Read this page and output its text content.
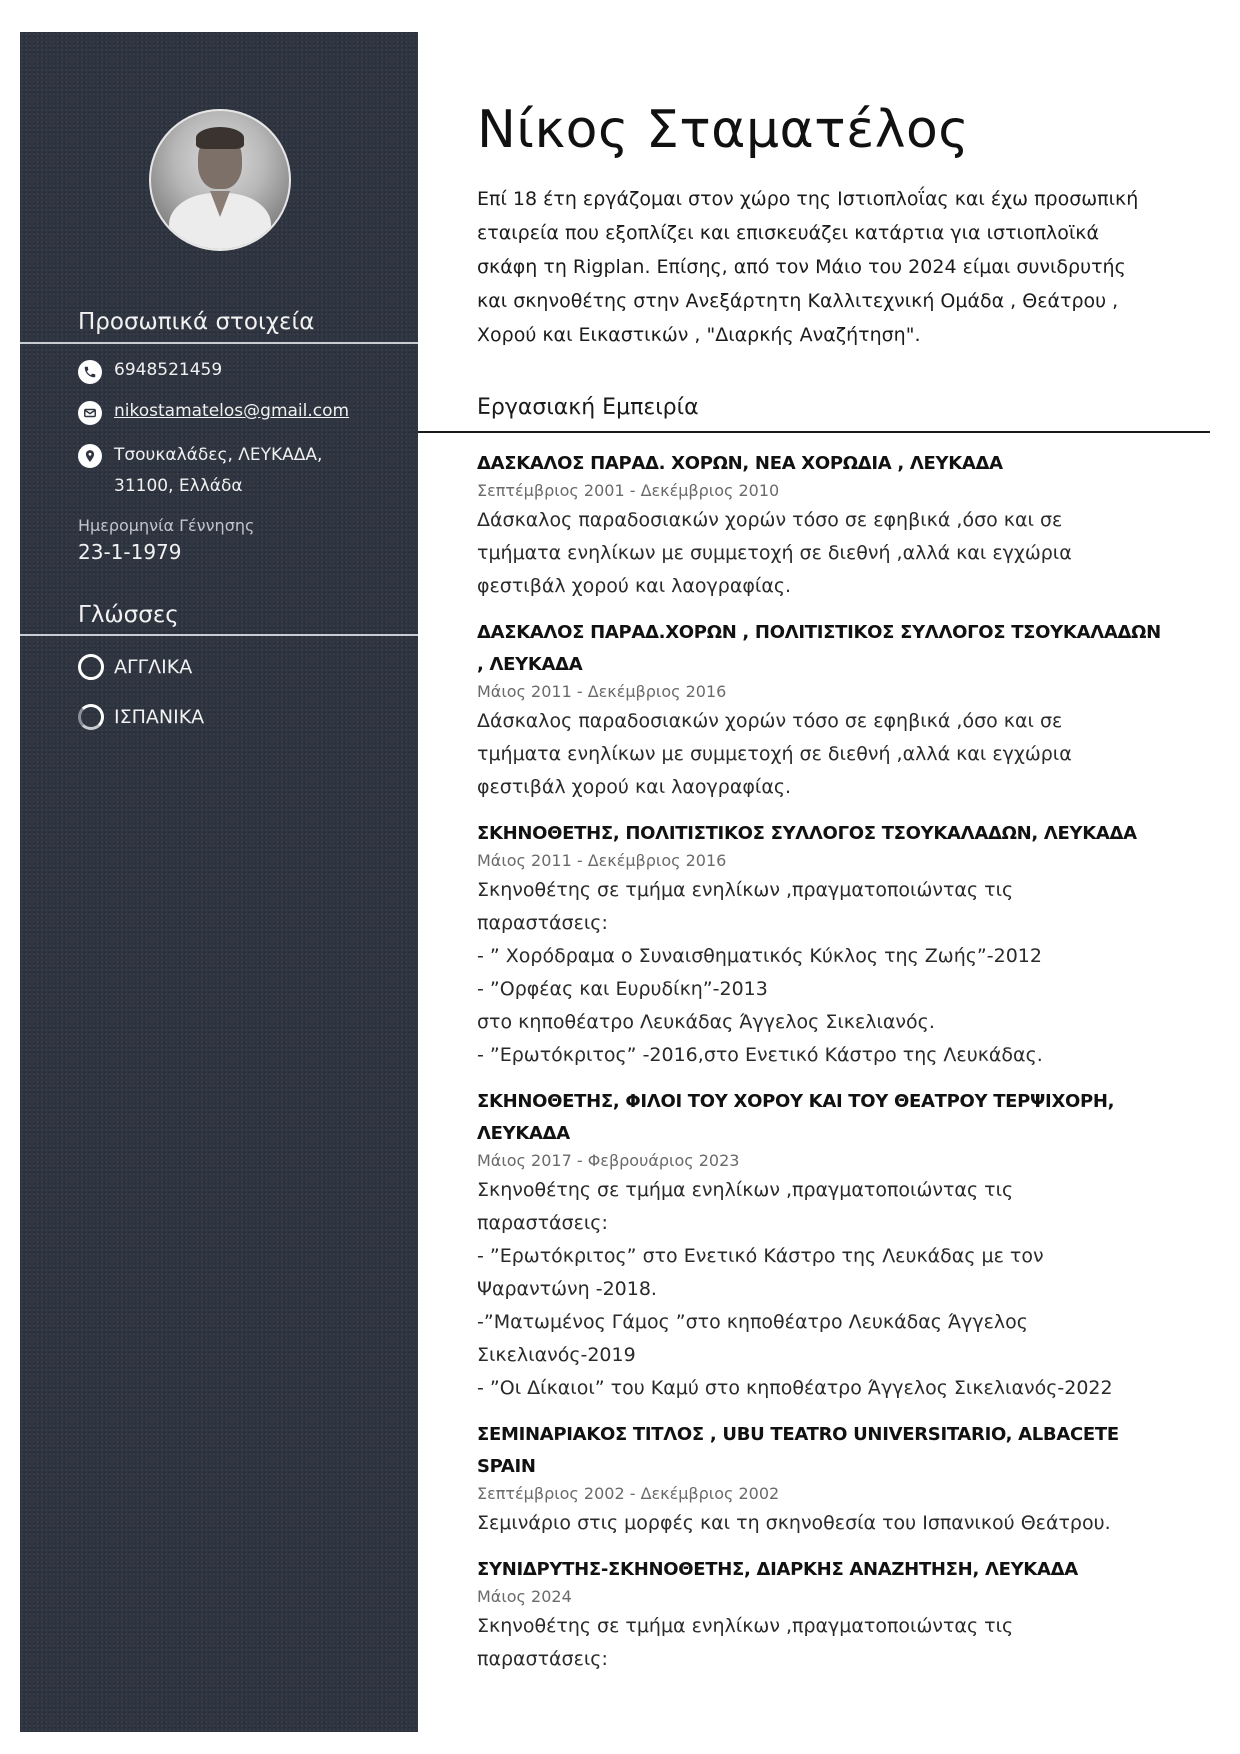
Προσωπικά στοιχεία
6948521459
nikostamatelos@gmail.com
Τσουκαλάδες, ΛΕΥΚΑΔΑ,
31100, Ελλάδα
Ημερομηνία Γέννησης
23-1-1979
Γλώσσες
ΑΓΓΛΙΚΑ
ΙΣΠΑΝΙΚΑ
Νίκος Σταματέλος

Επί 18 έτη εργάζομαι στον χώρο της Ιστιοπλοΐας και έχω προσωπική εταιρεία που εξοπλίζει και επισκευάζει κατάρτια για ιστιοπλοϊκά σκάφη τη Rigplan. Επίσης, από τον Μάιο του 2024 είμαι συνιδρυτής και σκηνοθέτης στην Ανεξάρτητη Καλλιτεχνική Ομάδα , Θεάτρου , Χορού και Εικαστικών , "Διαρκής Αναζήτηση".

Εργασιακή Εμπειρία
ΔΑΣΚΑΛΟΣ ΠΑΡΑΔ. ΧΟΡΩΝ, ΝΕΑ ΧΟΡΩΔΙΑ , ΛΕΥΚΑΔΑ
Σεπτέμβριος 2001 - Δεκέμβριος 2010
Δάσκαλος παραδοσιακών χορών τόσο σε εφηβικά ,όσο και σε
τμήματα ενηλίκων με συμμετοχή σε διεθνή ,αλλά και εγχώρια
φεστιβάλ χορού και λαογραφίας.
ΔΑΣΚΑΛΟΣ ΠΑΡΑΔ.ΧΟΡΩΝ , ΠΟΛΙΤΙΣΤΙΚΟΣ ΣΥΛΛΟΓΟΣ ΤΣΟΥΚΑΛΑΔΩΝ , ΛΕΥΚΑΔΑ
Μάιος 2011 - Δεκέμβριος 2016
Δάσκαλος παραδοσιακών χορών τόσο σε εφηβικά ,όσο και σε
τμήματα ενηλίκων με συμμετοχή σε διεθνή ,αλλά και εγχώρια
φεστιβάλ χορού και λαογραφίας.
ΣΚΗΝΟΘΕΤΗΣ, ΠΟΛΙΤΙΣΤΙΚΟΣ ΣΥΛΛΟΓΟΣ ΤΣΟΥΚΑΛΑΔΩΝ, ΛΕΥΚΑΔΑ
Μάιος 2011 - Δεκέμβριος 2016
Σκηνοθέτης σε τμήμα ενηλίκων ,πραγματοποιώντας τις
παραστάσεις:
- ” Χορόδραμα ο Συναισθηματικός Κύκλος της Ζωής”-2012
- ”Ορφέας και Ευρυδίκη”-2013
στο κηποθέατρο Λευκάδας Άγγελος Σικελιανός.
- ”Ερωτόκριτος” -2016,στο Ενετικό Κάστρο της Λευκάδας.
ΣΚΗΝΟΘΕΤΗΣ, ΦΙΛΟΙ ΤΟΥ ΧΟΡΟΥ ΚΑΙ ΤΟΥ ΘΕΑΤΡΟΥ ΤΕΡΨΙΧΟΡΗ, ΛΕΥΚΑΔΑ
Μάιος 2017 - Φεβρουάριος 2023
Σκηνοθέτης σε τμήμα ενηλίκων ,πραγματοποιώντας τις
παραστάσεις:
- ”Ερωτόκριτος” στο Ενετικό Κάστρο της Λευκάδας με τον
Ψαραντώνη -2018.
-”Ματωμένος Γάμος ”στο κηποθέατρο Λευκάδας Άγγελος
Σικελιανός-2019
- ”Οι Δίκαιοι” του Καμύ στο κηποθέατρο Άγγελος Σικελιανός-2022
ΣΕΜΙΝΑΡΙΑΚΟΣ ΤΙΤΛΟΣ , UBU TEATRO UNIVERSITARIO, ALBACETE SPAIN
Σεπτέμβριος 2002 - Δεκέμβριος 2002
Σεμινάριο στις μορφές και τη σκηνοθεσία του Ισπανικού Θεάτρου.
ΣΥΝΙΔΡΥΤΗΣ-ΣΚΗΝΟΘΕΤΗΣ, ΔΙΑΡΚΗΣ ΑΝΑΖΗΤΗΣΗ, ΛΕΥΚΑΔΑ
Μάιος 2024
Σκηνοθέτης σε τμήμα ενηλίκων ,πραγματοποιώντας τις
παραστάσεις:
